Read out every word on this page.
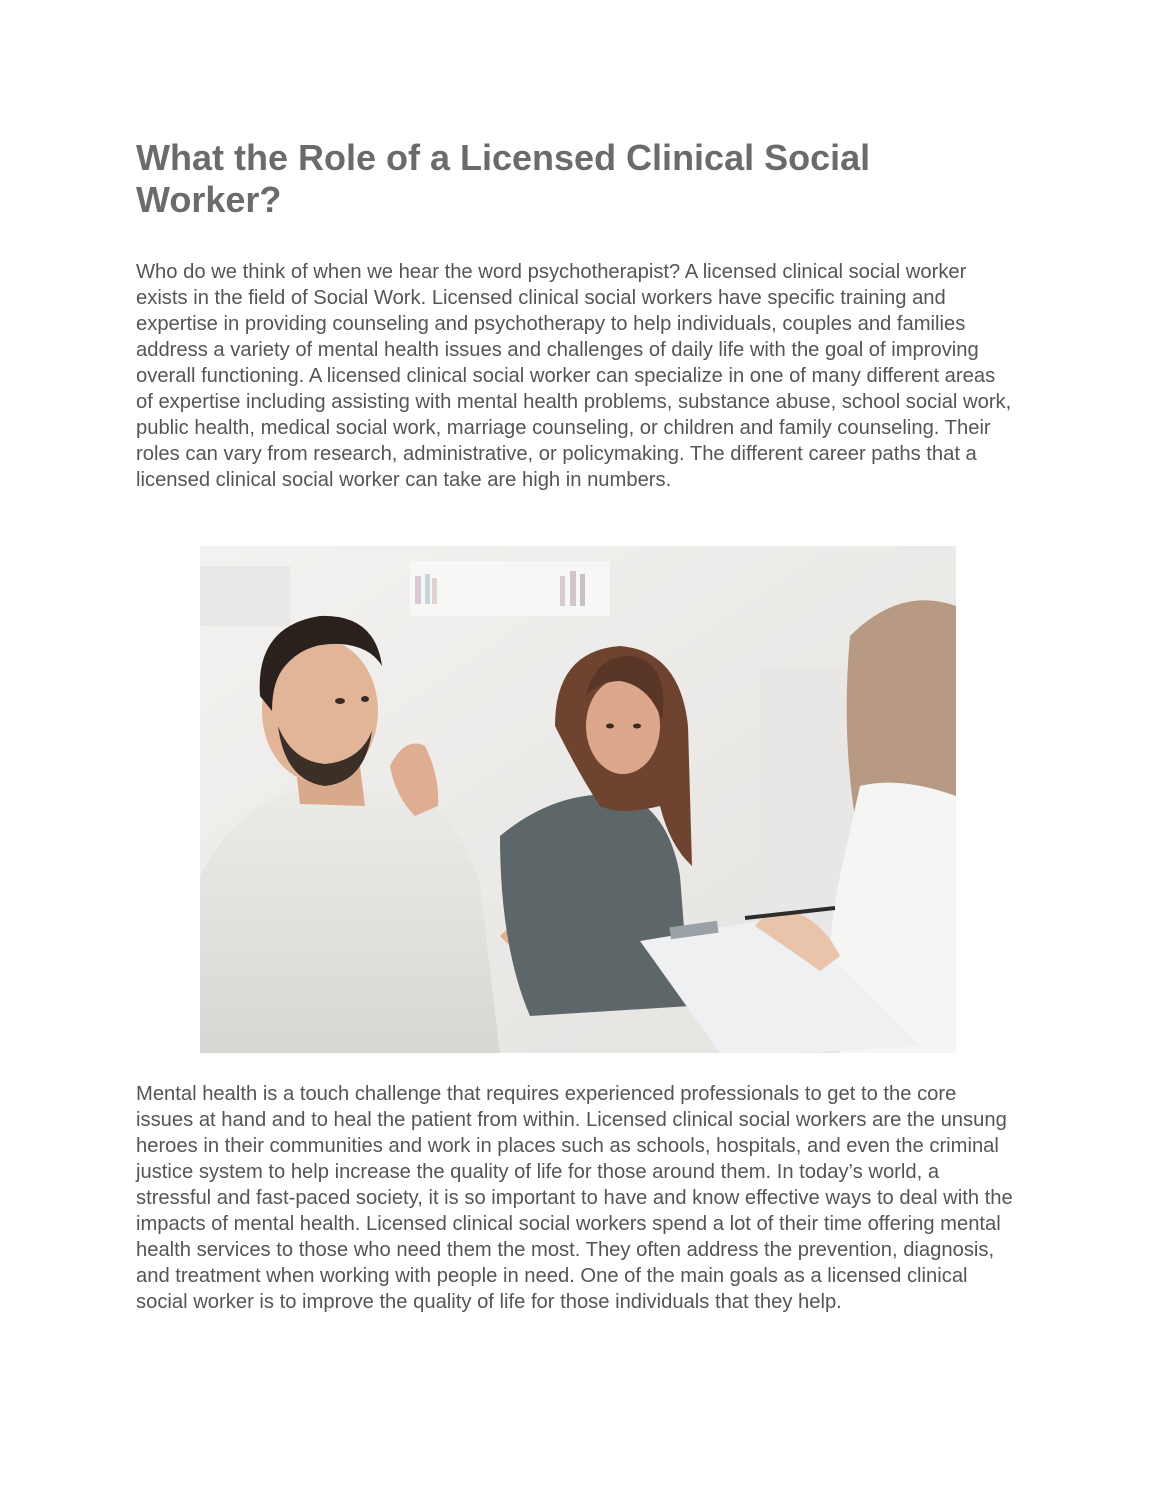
What the Role of a Licensed Clinical Social Worker?

Who do we think of when we hear the word psychotherapist? A licensed clinical social worker exists in the field of Social Work. Licensed clinical social workers have specific training and expertise in providing counseling and psychotherapy to help individuals, couples and families address a variety of mental health issues and challenges of daily life with the goal of improving overall functioning. A licensed clinical social worker can specialize in one of many different areas of expertise including assisting with mental health problems, substance abuse, school social work, public health, medical social work, marriage counseling, or children and family counseling. Their roles can vary from research, administrative, or policymaking. The different career paths that a licensed clinical social worker can take are high in numbers.

Mental health is a touch challenge that requires experienced professionals to get to the core issues at hand and to heal the patient from within. Licensed clinical social workers are the unsung heroes in their communities and work in places such as schools, hospitals, and even the criminal justice system to help increase the quality of life for those around them. In today’s world, a stressful and fast-paced society, it is so important to have and know effective ways to deal with the impacts of mental health. Licensed clinical social workers spend a lot of their time offering mental health services to those who need them the most. They often address the prevention, diagnosis, and treatment when working with people in need. One of the main goals as a licensed clinical social worker is to improve the quality of life for those individuals that they help.
